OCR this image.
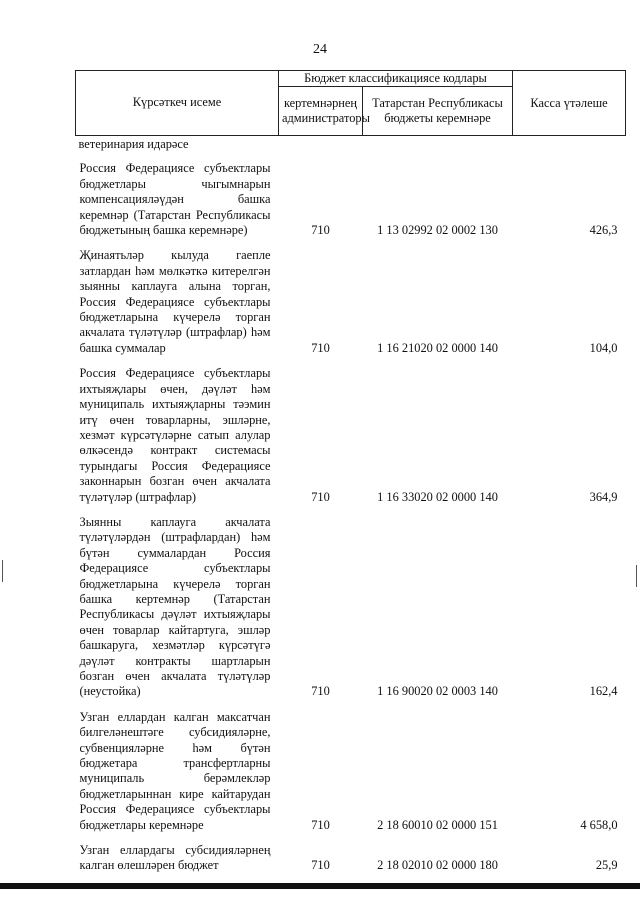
24
Күрсәткеч исеме	Бюджет классификациясе кодлары		Касса үтәлеше
	кертемнәрнең администраторы	Татарстан Республикасы бюджеты керемнәре	
ветеринария идарәсе			
Россия Федерациясе субъектлары бюджетлары чыгымнарын компенсацияләүдән башка керемнәр (Татарстан Республикасы бюджетының башка керемнәре)	710	1 13 02992 02 0002 130	426,3
Җинаятьләр кылуда гаепле затлардан һәм мөлкәткә китерелгән зыянны каплауга алына торган, Россия Федерациясе субъектлары бюджетларына күчерелә торган акчалата түләтүләр (штрафлар) һәм башка суммалар	710	1 16 21020 02 0000 140	104,0
Россия Федерациясе субъектлары ихтыяҗлары өчен, дәүләт һәм муниципаль ихтыяҗларны тәэмин итү өчен товарларны, эшләрне, хезмәт күрсәтүләрне сатып алулар өлкәсендә контракт системасы турындагы Россия Федерациясе законнарын бозган өчен акчалата түләтүләр (штрафлар)	710	1 16 33020 02 0000 140	364,9
Зыянны каплауга акчалата түләтүләрдән (штрафлардан) һәм бүтән суммалардан Россия Федерациясе субъектлары бюджетларына күчерелә торган башка кертемнәр (Татарстан Республикасы дәүләт ихтыяҗлары өчен товарлар кайтартуга, эшләр башкаруга, хезмәтләр күрсәтүгә дәүләт контракты шартларын бозган өчен акчалата түләтүләр (неустойка)	710	1 16 90020 02 0003 140	162,4
Узган еллардан калган максатчан билгеләнештәге субсидияләрне, субвенцияләрне һәм бүтән бюджетара трансфертларны муниципаль берәмлекләр бюджетларыннан кире кайтарудан Россия Федерациясе субъектлары бюджетлары керемнәре	710	2 18 60010 02 0000 151	4 658,0
Узган еллардагы субсидияләрнең калган өлешләрен бюджет	710	2 18 02010 02 0000 180	25,9
